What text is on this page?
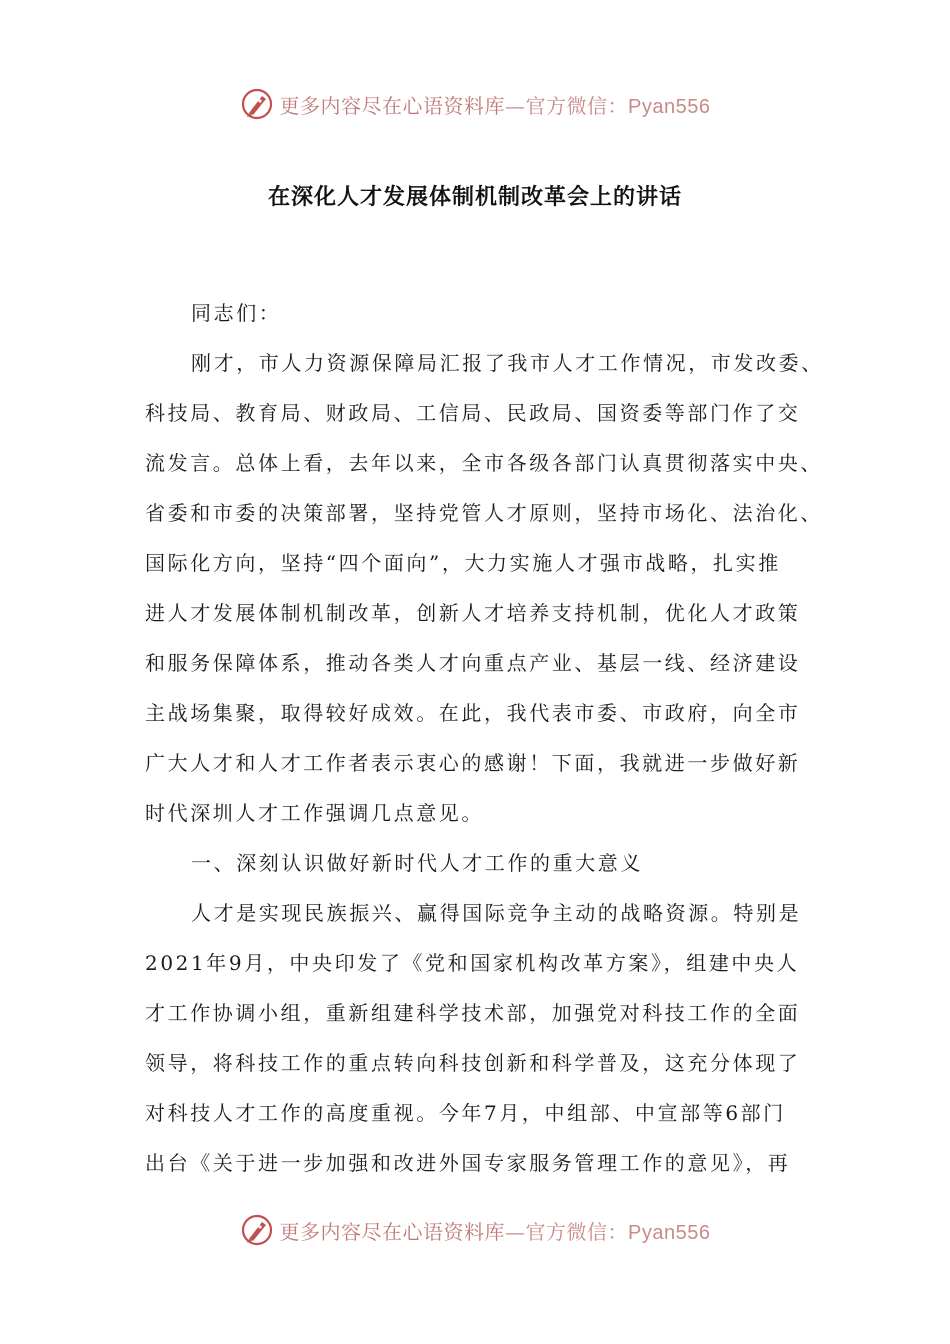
更多内容尽在心语资料库—官方微信：Pyan556
在深化人才发展体制机制改革会上的讲话
同志们：
刚才，市人力资源保障局汇报了我市人才工作情况，市发改委、
科技局、教育局、财政局、工信局、民政局、国资委等部门作了交
流发言。总体上看，去年以来，全市各级各部门认真贯彻落实中央、
省委和市委的决策部署，坚持党管人才原则，坚持市场化、法治化、
国际化方向，坚持“四个面向”，大力实施人才强市战略，扎实推
进人才发展体制机制改革，创新人才培养支持机制，优化人才政策
和服务保障体系，推动各类人才向重点产业、基层一线、经济建设
主战场集聚，取得较好成效。在此，我代表市委、市政府，向全市
广大人才和人才工作者表示衷心的感谢！下面，我就进一步做好新
时代深圳人才工作强调几点意见。
一、深刻认识做好新时代人才工作的重大意义
人才是实现民族振兴、赢得国际竞争主动的战略资源。特别是
2021年9月，中央印发了《党和国家机构改革方案》，组建中央人
才工作协调小组，重新组建科学技术部，加强党对科技工作的全面
领导，将科技工作的重点转向科技创新和科学普及，这充分体现了
对科技人才工作的高度重视。今年7月，中组部、中宣部等6部门
出台《关于进一步加强和改进外国专家服务管理工作的意见》，再
更多内容尽在心语资料库—官方微信：Pyan556
